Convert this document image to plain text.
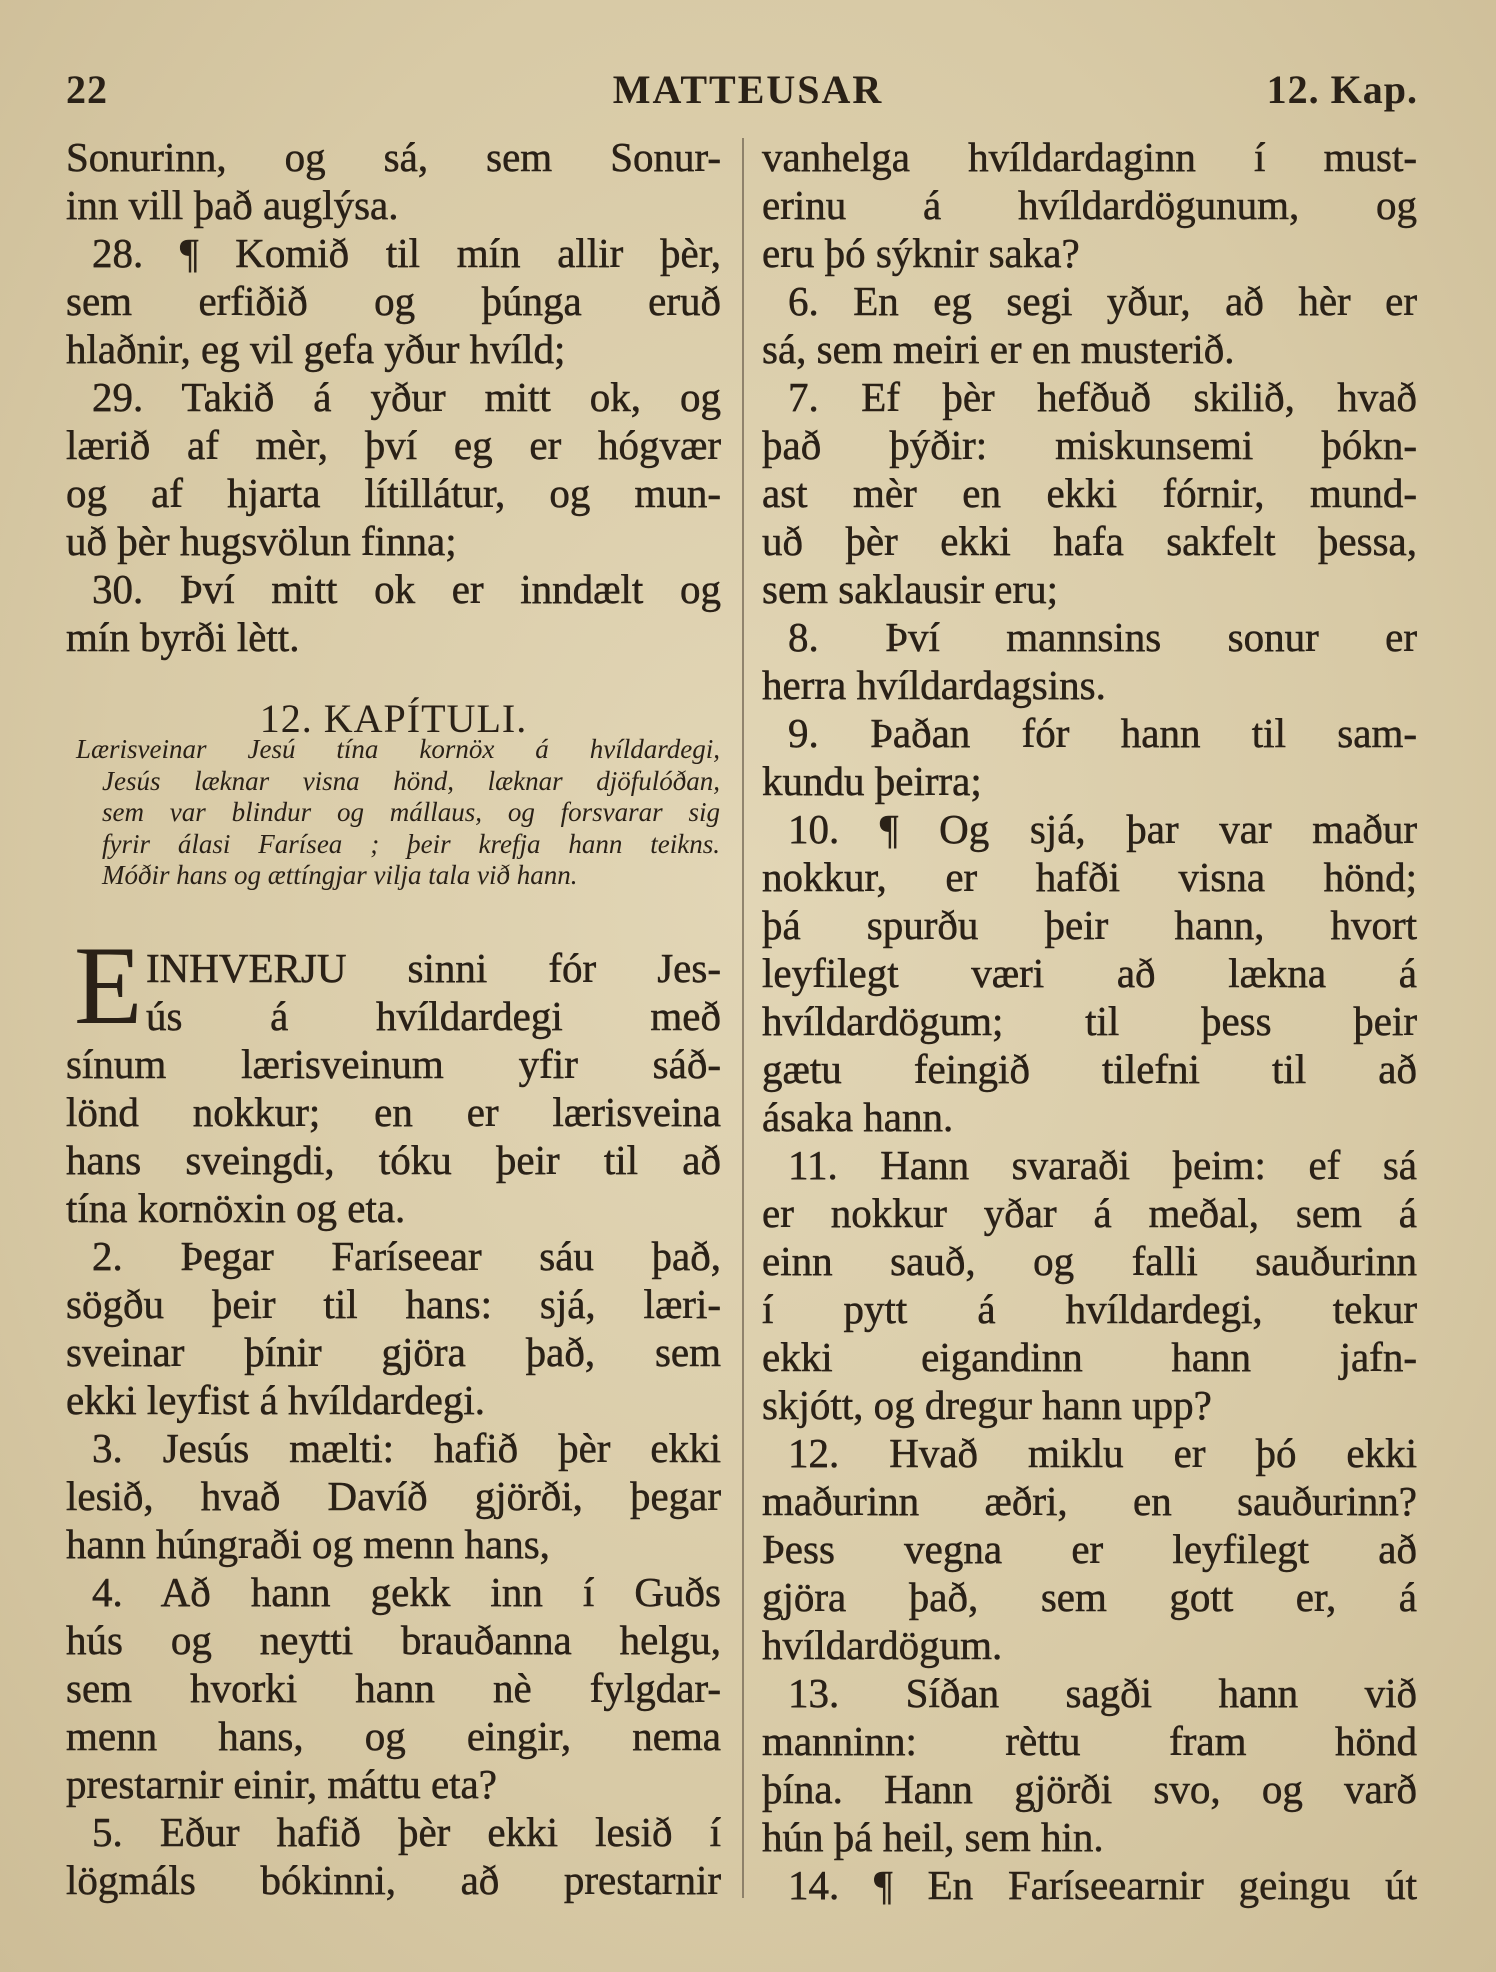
22	MATTEUSAR	12. Kap.
Sonurinn, og sá, sem Sonur-
inn vill það auglýsa.
28. ¶ Komið til mín allir þèr,
sem erfiðið og þúnga eruð
hlaðnir, eg vil gefa yður hvíld;
29. Takið á yður mitt ok, og
lærið af mèr, því eg er hógvær
og af hjarta lítillátur, og mun-
uð þèr hugsvölun finna;
30. Því mitt ok er inndælt og
mín byrði lètt.
12. KAPÍTULI.
Lærisveinar Jesú tína kornöx á hvíldardegi,
Jesús læknar visna hönd, læknar djöfulóðan,
sem var blindur og mállaus, og forsvarar sig
fyrir álasi Farísea ; þeir krefja hann teikns.
Móðir hans og ættíngjar vilja tala við hann.
E INHVERJU sinni fór Jes-
ús á hvíldardegi með
sínum lærisveinum yfir sáð-
lönd nokkur; en er lærisveina
hans sveingdi, tóku þeir til að
tína kornöxin og eta.
2. Þegar Faríseear sáu það,
sögðu þeir til hans: sjá, læri-
sveinar þínir gjöra það, sem
ekki leyfist á hvíldardegi.
3. Jesús mælti: hafið þèr ekki
lesið, hvað Davíð gjörði, þegar
hann húngraði og menn hans,
4. Að hann gekk inn í Guðs
hús og neytti brauðanna helgu,
sem hvorki hann nè fylgdar-
menn hans, og eingir, nema
prestarnir einir, máttu eta?
5. Eður hafið þèr ekki lesið í
lögmáls bókinni, að prestarnir
vanhelga hvíldardaginn í must-
erinu á hvíldardögunum, og
eru þó sýknir saka?
6. En eg segi yður, að hèr er
sá, sem meiri er en musterið.
7. Ef þèr hefðuð skilið, hvað
það þýðir: miskunsemi þókn-
ast mèr en ekki fórnir, mund-
uð þèr ekki hafa sakfelt þessa,
sem saklausir eru;
8. Því mannsins sonur er
herra hvíldardagsins.
9. Þaðan fór hann til sam-
kundu þeirra;
10. ¶ Og sjá, þar var maður
nokkur, er hafði visna hönd;
þá spurðu þeir hann, hvort
leyfilegt væri að lækna á
hvíldardögum; til þess þeir
gætu feingið tilefni til að
ásaka hann.
11. Hann svaraði þeim: ef sá
er nokkur yðar á meðal, sem á
einn sauð, og falli sauðurinn
í pytt á hvíldardegi, tekur
ekki eigandinn hann jafn-
skjótt, og dregur hann upp?
12. Hvað miklu er þó ekki
maðurinn æðri, en sauðurinn?
Þess vegna er leyfilegt að
gjöra það, sem gott er, á
hvíldardögum.
13. Síðan sagði hann við
manninn: rèttu fram hönd
þína. Hann gjörði svo, og varð
hún þá heil, sem hin.
14. ¶ En Faríseearnir geingu út
